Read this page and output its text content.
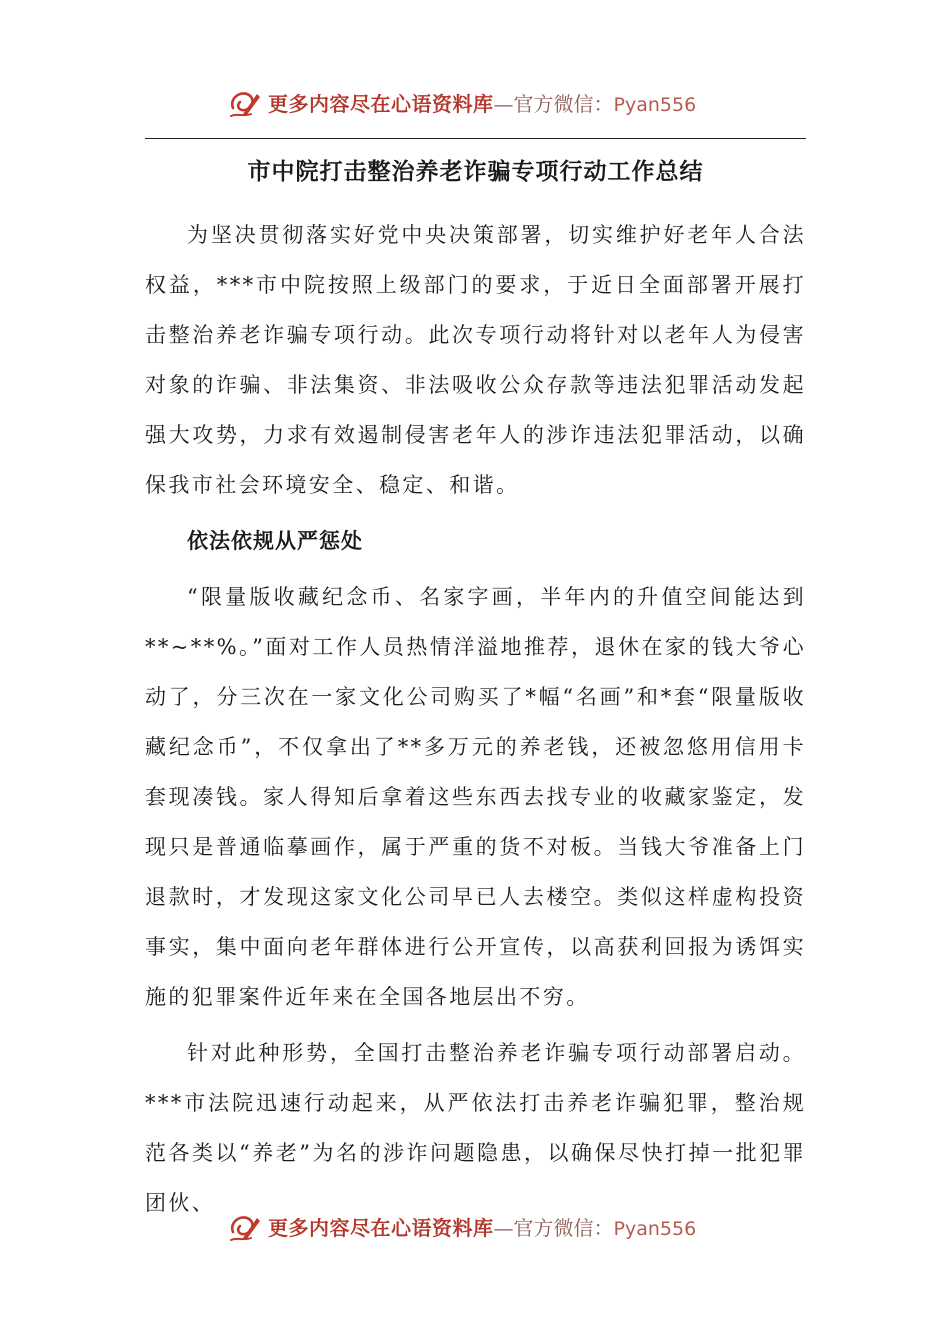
更多内容尽在心语资料库—官方微信：Pyan556
市中院打击整治养老诈骗专项行动工作总结

为坚决贯彻落实好党中央决策部署，切实维护好老年人合法权益，***市中院按照上级部门的要求，于近日全面部署开展打击整治养老诈骗专项行动。此次专项行动将针对以老年人为侵害对象的诈骗、非法集资、非法吸收公众存款等违法犯罪活动发起强大攻势，力求有效遏制侵害老年人的涉诈违法犯罪活动，以确保我市社会环境安全、稳定、和谐。

依法依规从严惩处

“限量版收藏纪念币、名家字画，半年内的升值空间能达到**~**%。”面对工作人员热情洋溢地推荐，退休在家的钱大爷心动了，分三次在一家文化公司购买了*幅“名画”和*套“限量版收藏纪念币”，不仅拿出了**多万元的养老钱，还被忽悠用信用卡套现凑钱。家人得知后拿着这些东西去找专业的收藏家鉴定，发现只是普通临摹画作，属于严重的货不对板。当钱大爷准备上门退款时，才发现这家文化公司早已人去楼空。类似这样虚构投资事实，集中面向老年群体进行公开宣传，以高获利回报为诱饵实施的犯罪案件近年来在全国各地层出不穷。

针对此种形势，全国打击整治养老诈骗专项行动部署启动。***市法院迅速行动起来，从严依法打击养老诈骗犯罪，整治规范各类以“养老”为名的涉诈问题隐患，以确保尽快打掉一批犯罪团伙、

更多内容尽在心语资料库—官方微信：Pyan556
